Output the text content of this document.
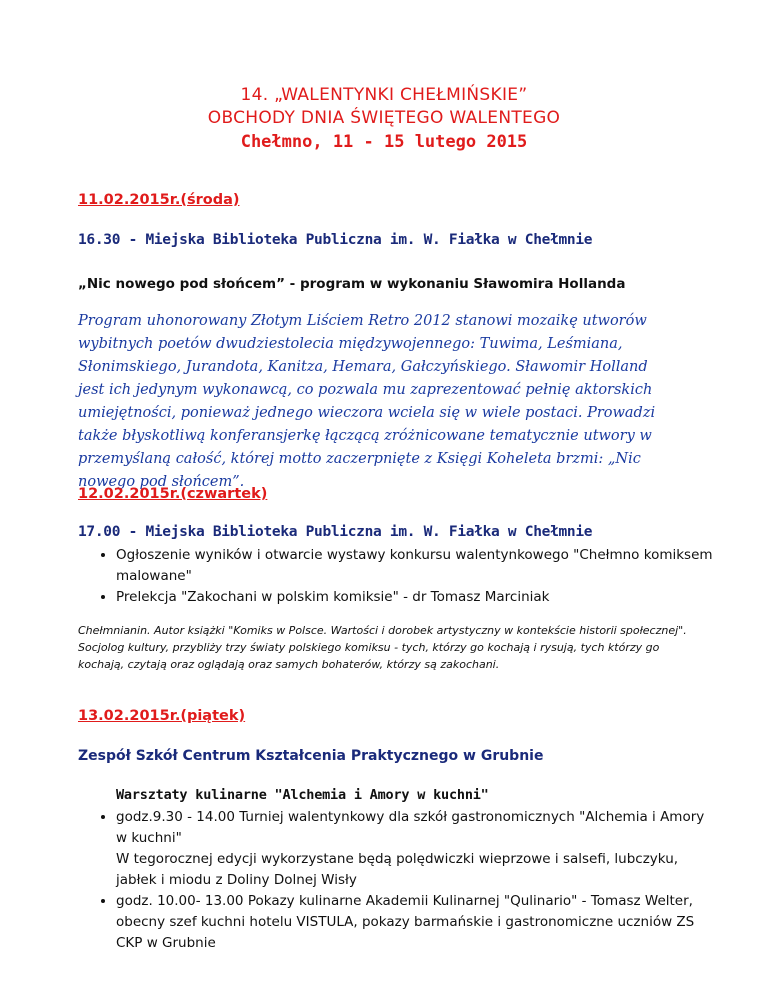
14. „WALENTYNKI CHEŁMIŃSKIE”
OBCHODY DNIA ŚWIĘTEGO WALENTEGO
Chełmno, 11 - 15 lutego 2015
11.02.2015r.(środa)
16.30 - Miejska Biblioteka Publiczna im. W. Fiałka w Chełmnie
„Nic nowego pod słońcem” - program w wykonaniu Sławomira Hollanda
Program uhonorowany Złotym Liściem Retro 2012 stanowi mozaikę utworów wybitnych poetów dwudziestolecia międzywojennego: Tuwima, Leśmiana, Słonimskiego, Jurandota, Kanitza, Hemara, Gałczyńskiego. Sławomir Holland jest ich jedynym wykonawcą, co pozwala mu zaprezentować pełnię aktorskich umiejętności, ponieważ jednego wieczora wciela się w wiele postaci. Prowadzi także błyskotliwą konferansjerkę łączącą zróżnicowane tematycznie utwory w przemyślaną całość, której motto zaczerpnięte z Księgi Koheleta brzmi: „Nic nowego pod słońcem”.
12.02.2015r.(czwartek)
17.00 - Miejska Biblioteka Publiczna im. W. Fiałka w Chełmnie
• Ogłoszenie wyników i otwarcie wystawy konkursu walentynkowego "Chełmno komiksem malowane"
• Prelekcja "Zakochani w polskim komiksie" - dr Tomasz Marciniak
Chełmnianin. Autor książki "Komiks w Polsce. Wartości i dorobek artystyczny w kontekście historii społecznej". Socjolog kultury, przybliży trzy światy polskiego komiksu - tych, którzy go kochają i rysują, tych którzy go kochają, czytają oraz oglądają oraz samych bohaterów, którzy są zakochani.
13.02.2015r.(piątek)
Zespół Szkół Centrum Kształcenia Praktycznego w Grubnie
Warsztaty kulinarne "Alchemia i Amory w kuchni"
• godz.9.30 - 14.00 Turniej walentynkowy dla szkół gastronomicznych "Alchemia i Amory w kuchni"
W tegorocznej edycji wykorzystane będą polędwiczki wieprzowe i salsefi, lubczyku, jabłek i miodu z Doliny Dolnej Wisły
• godz. 10.00- 13.00 Pokazy kulinarne Akademii Kulinarnej "Qulinario" - Tomasz Welter, obecny szef kuchni hotelu VISTULA, pokazy barmańskie i gastronomiczne uczniów ZS CKP w Grubnie
